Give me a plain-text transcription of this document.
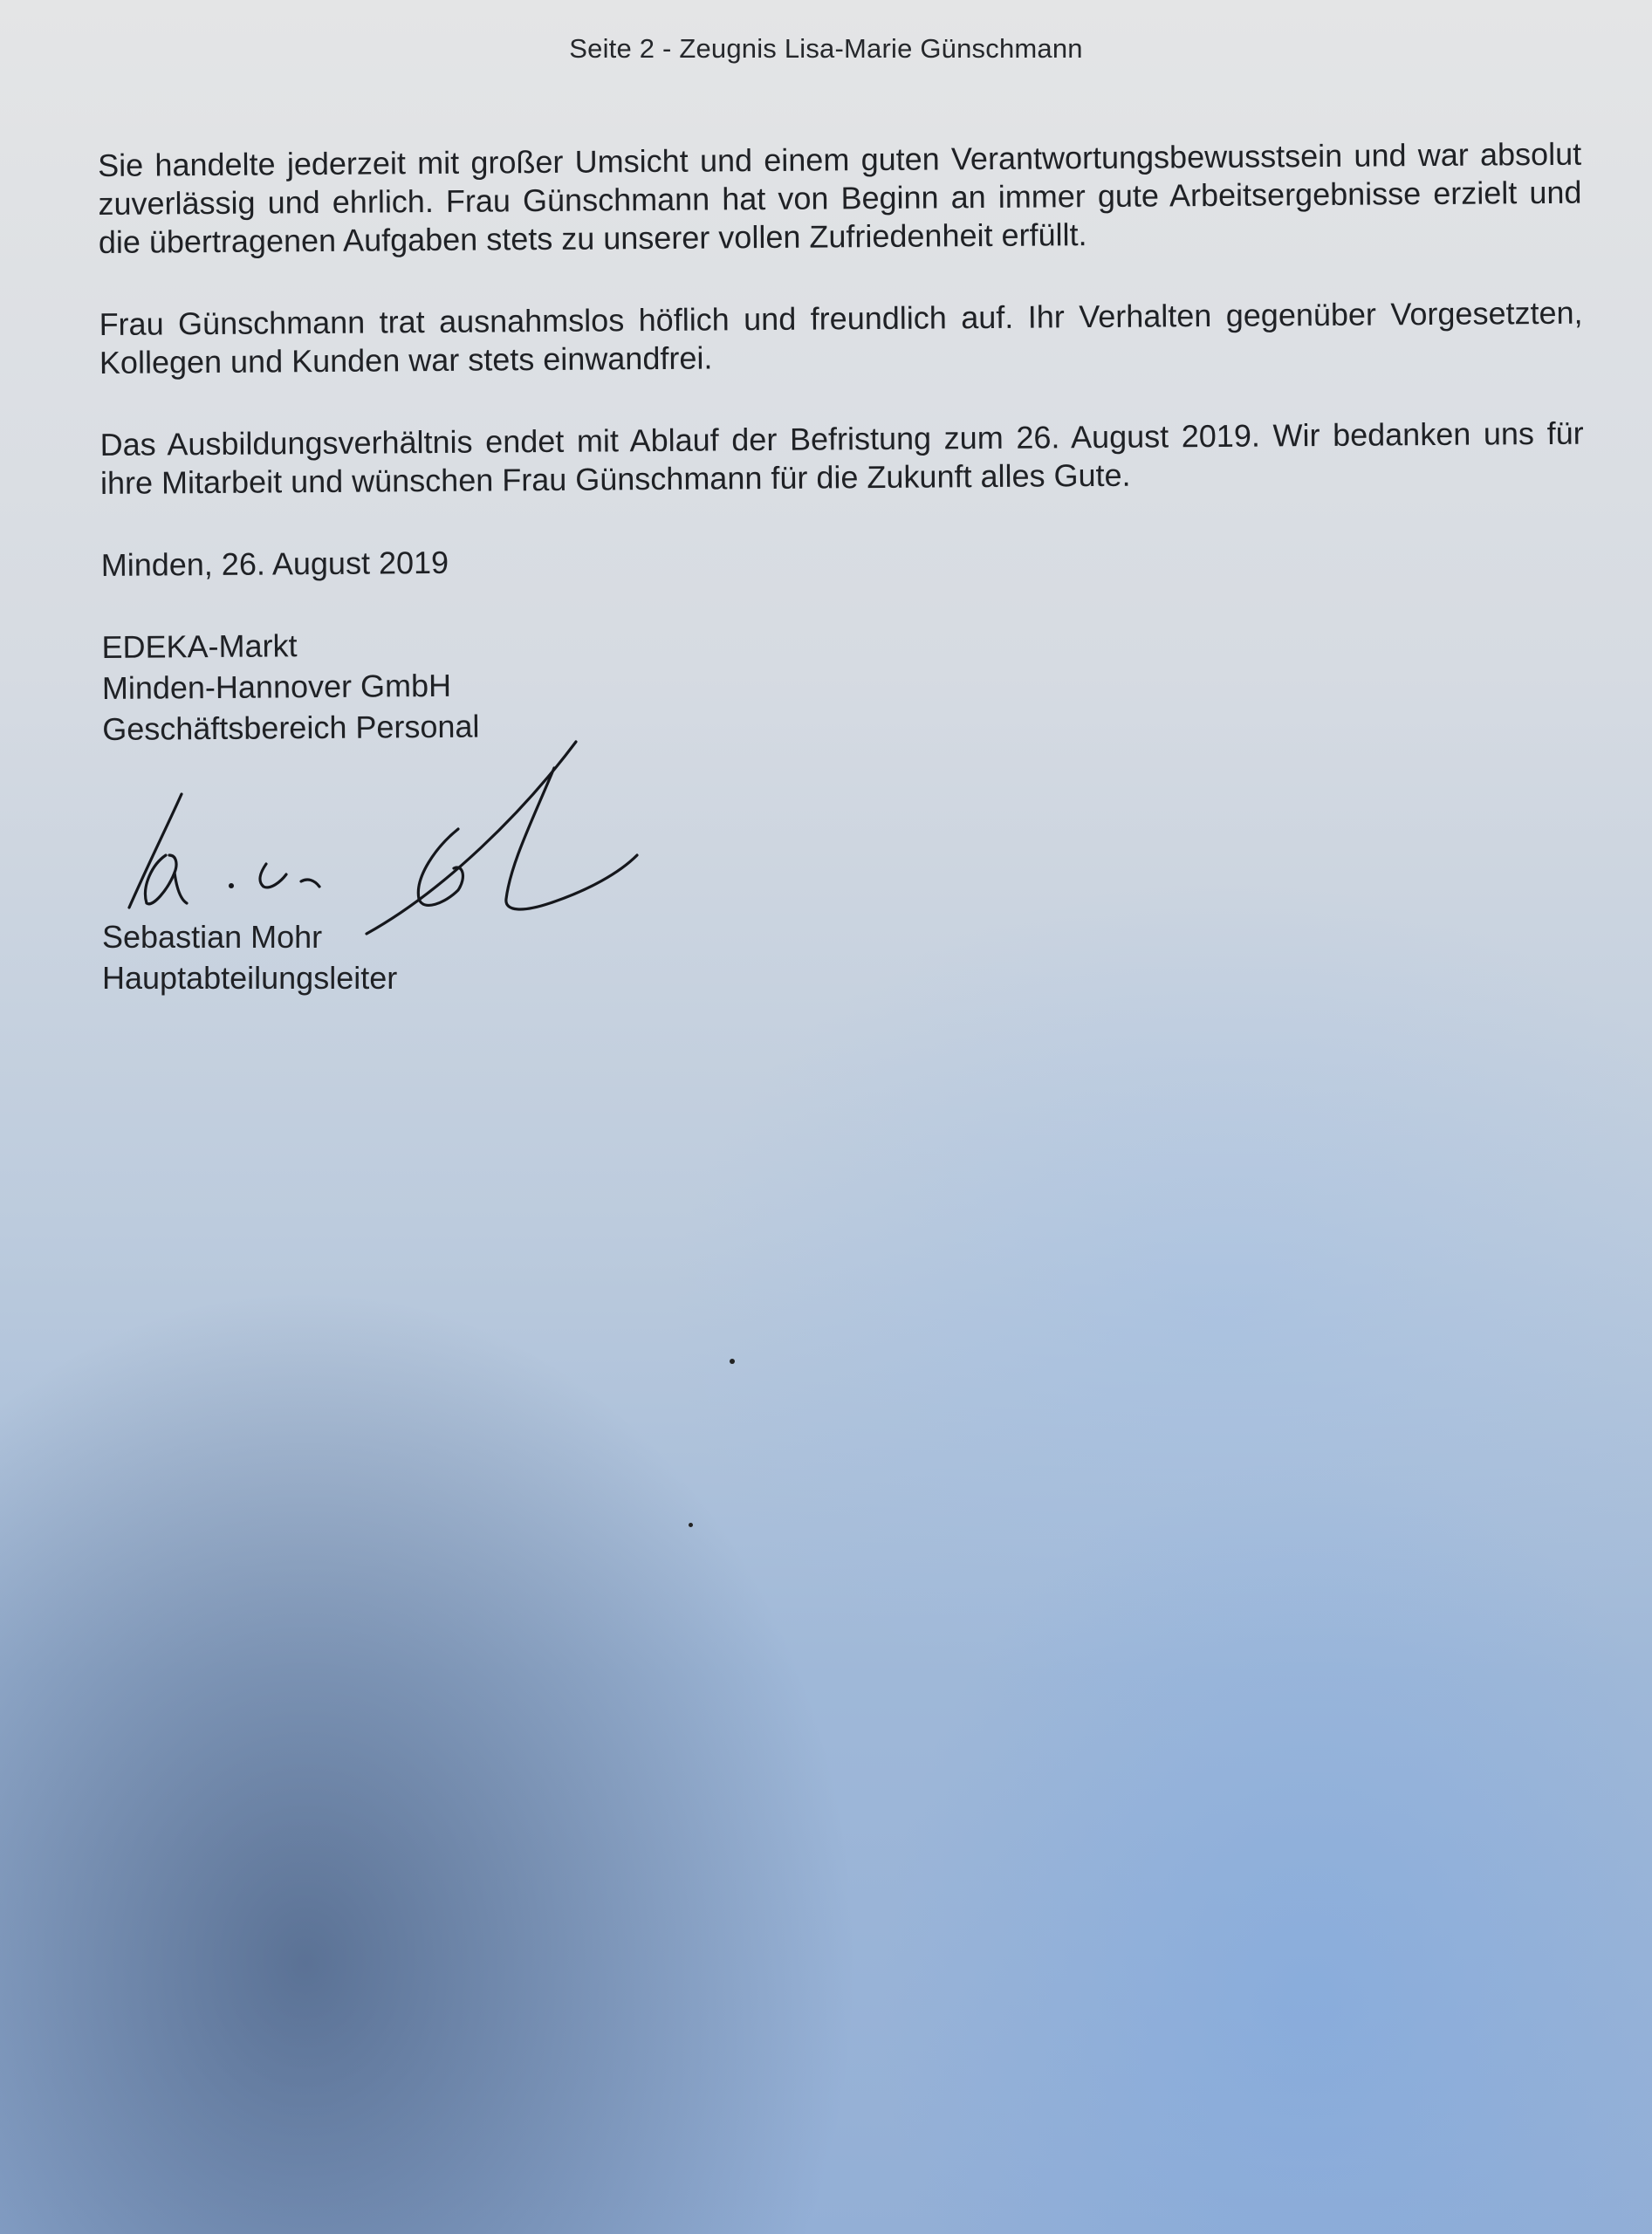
Seite 2 - Zeugnis Lisa-Marie Günschmann

Sie handelte jederzeit mit großer Umsicht und einem guten Verantwortungsbewusstsein und war absolut zuverlässig und ehrlich. Frau Günschmann hat von Beginn an immer gute Arbeitsergebnisse erzielt und die übertragenen Aufgaben stets zu unserer vollen Zufriedenheit erfüllt.

Frau Günschmann trat ausnahmslos höflich und freundlich auf. Ihr Verhalten gegenüber Vorgesetzten, Kollegen und Kunden war stets einwandfrei.

Das Ausbildungsverhältnis endet mit Ablauf der Befristung zum 26. August 2019. Wir bedanken uns für ihre Mitarbeit und wünschen Frau Günschmann für die Zukunft alles Gute.

Minden, 26. August 2019

EDEKA-Markt

Minden-Hannover GmbH

Geschäftsbereich Personal

Sebastian Mohr

Hauptabteilungsleiter
